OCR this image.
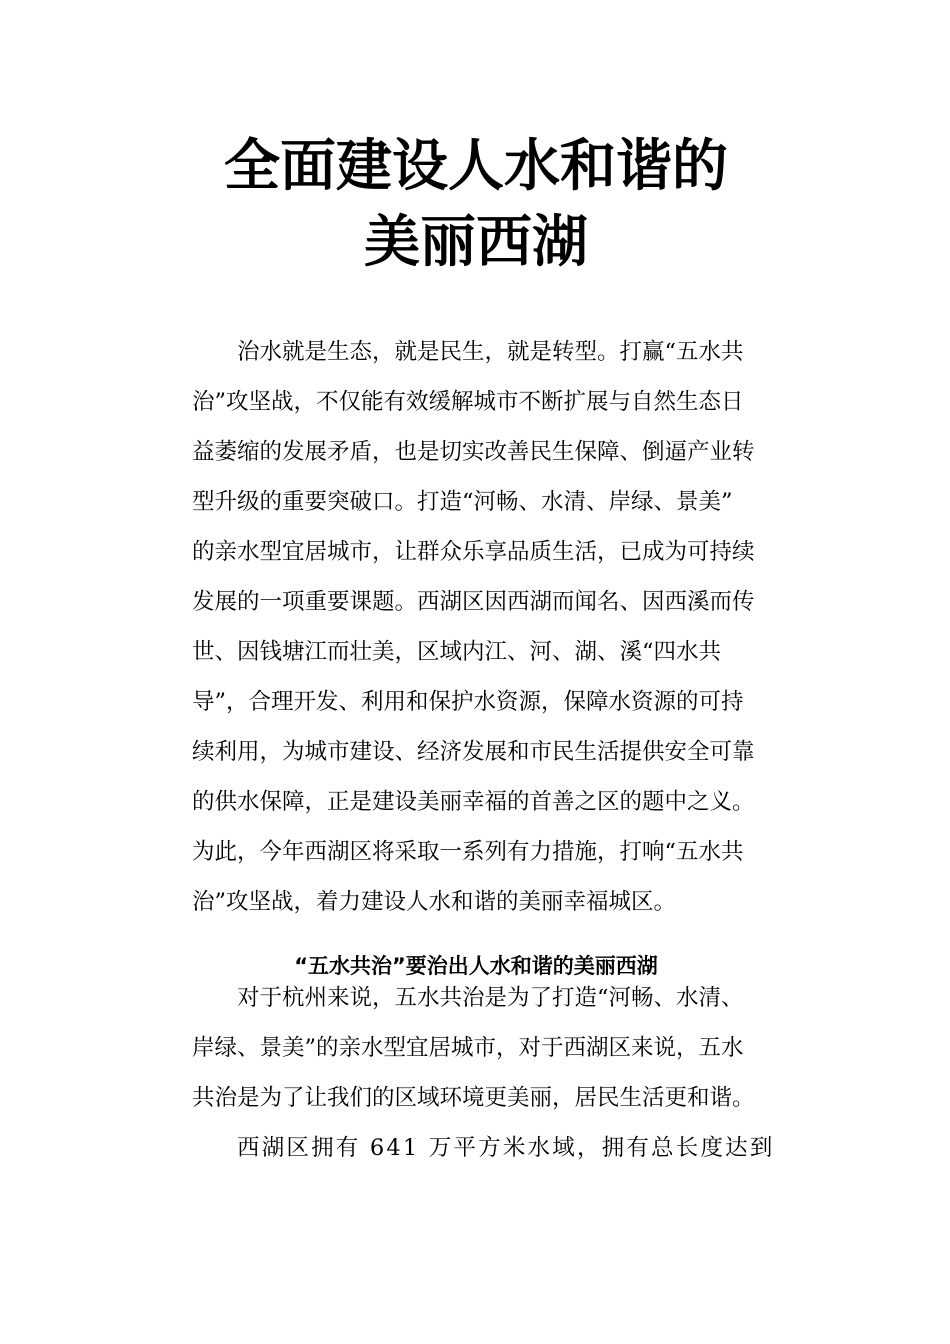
全面建设人水和谐的
美丽西湖
治水就是生态，就是民生，就是转型。打赢“五水共
治”攻坚战，不仅能有效缓解城市不断扩展与自然生态日
益萎缩的发展矛盾，也是切实改善民生保障、倒逼产业转
型升级的重要突破口。打造“河畅、水清、岸绿、景美”
的亲水型宜居城市，让群众乐享品质生活，已成为可持续
发展的一项重要课题。西湖区因西湖而闻名、因西溪而传
世、因钱塘江而壮美，区域内江、河、湖、溪“四水共
导”，合理开发、利用和保护水资源，保障水资源的可持
续利用，为城市建设、经济发展和市民生活提供安全可靠
的供水保障，正是建设美丽幸福的首善之区的题中之义。
为此，今年西湖区将采取一系列有力措施，打响“五水共
治”攻坚战，着力建设人水和谐的美丽幸福城区。
“五水共治”要治出人水和谐的美丽西湖
对于杭州来说，五水共治是为了打造“河畅、水清、
岸绿、景美”的亲水型宜居城市，对于西湖区来说，五水
共治是为了让我们的区域环境更美丽，居民生活更和谐。
西湖区拥有 641 万平方米水域，拥有总长度达到
